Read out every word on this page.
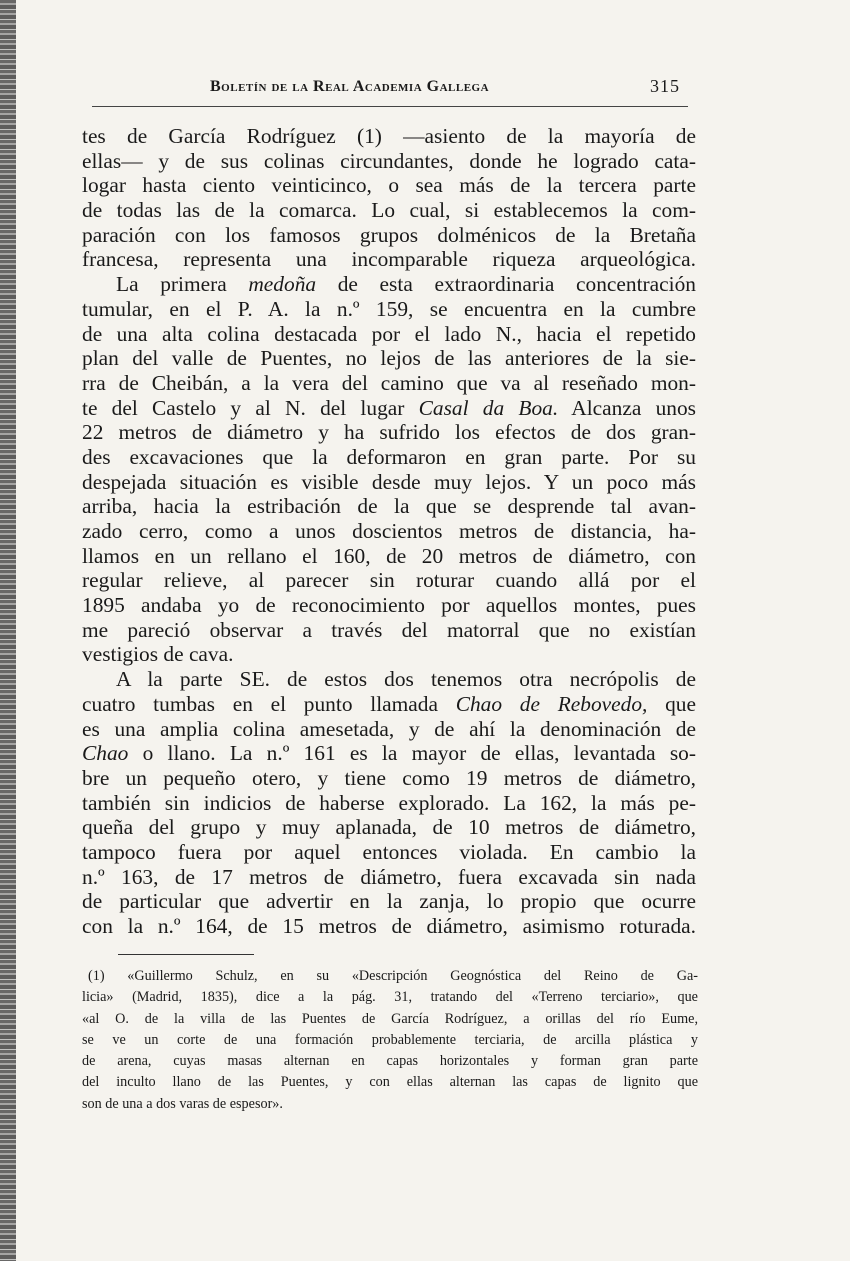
Boletín de la Real Academia Gallega	315
tes de García Rodríguez (1) —asiento de la mayoría de
ellas— y de sus colinas circundantes, donde he logrado cata-
logar hasta ciento veinticinco, o sea más de la tercera parte
de todas las de la comarca. Lo cual, si establecemos la com-
paración con los famosos grupos dolménicos de la Bretaña
francesa, representa una incomparable riqueza arqueológica.
La primera medoña de esta extraordinaria concentración
tumular, en el P. A. la n.º 159, se encuentra en la cumbre
de una alta colina destacada por el lado N., hacia el repetido
plan del valle de Puentes, no lejos de las anteriores de la sie-
rra de Cheibán, a la vera del camino que va al reseñado mon-
te del Castelo y al N. del lugar Casal da Boa. Alcanza unos
22 metros de diámetro y ha sufrido los efectos de dos gran-
des excavaciones que la deformaron en gran parte. Por su
despejada situación es visible desde muy lejos. Y un poco más
arriba, hacia la estribación de la que se desprende tal avan-
zado cerro, como a unos doscientos metros de distancia, ha-
llamos en un rellano el 160, de 20 metros de diámetro, con
regular relieve, al parecer sin roturar cuando allá por el
1895 andaba yo de reconocimiento por aquellos montes, pues
me pareció observar a través del matorral que no existían
vestigios de cava.
A la parte SE. de estos dos tenemos otra necrópolis de
cuatro tumbas en el punto llamada Chao de Rebovedo, que
es una amplia colina amesetada, y de ahí la denominación de
Chao o llano. La n.º 161 es la mayor de ellas, levantada so-
bre un pequeño otero, y tiene como 19 metros de diámetro,
también sin indicios de haberse explorado. La 162, la más pe-
queña del grupo y muy aplanada, de 10 metros de diámetro,
tampoco fuera por aquel entonces violada. En cambio la
n.º 163, de 17 metros de diámetro, fuera excavada sin nada
de particular que advertir en la zanja, lo propio que ocurre
con la n.º 164, de 15 metros de diámetro, asimismo roturada.
(1) «Guillermo Schulz, en su «Descripción Geognóstica del Reino de Ga-
licia» (Madrid, 1835), dice a la pág. 31, tratando del «Terreno terciario», que
«al O. de la villa de las Puentes de García Rodríguez, a orillas del río Eume,
se ve un corte de una formación probablemente terciaria, de arcilla plástica y
de arena, cuyas masas alternan en capas horizontales y forman gran parte
del inculto llano de las Puentes, y con ellas alternan las capas de lignito que
son de una a dos varas de espesor».
